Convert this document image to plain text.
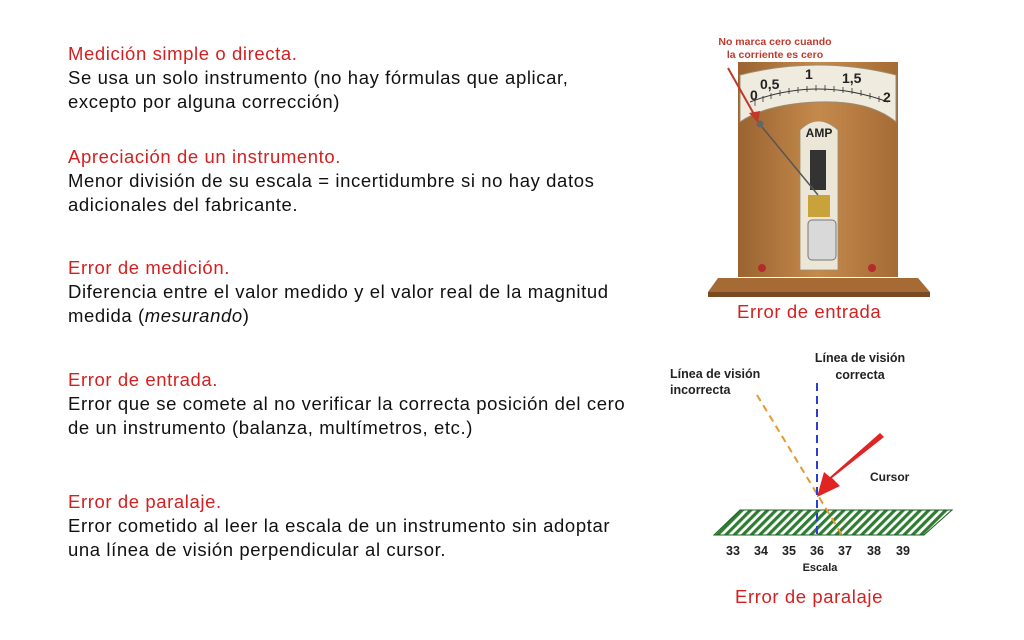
Medición simple o directa.
Se usa un solo instrumento (no hay fórmulas que aplicar, excepto por alguna corrección)
Apreciación de un instrumento.
Menor división de su escala = incertidumbre si no hay datos adicionales del fabricante.
Error de medición.
Diferencia entre el valor medido y el valor real de la magnitud medida (mesurando)
Error de entrada.
Error que se comete al no verificar la correcta posición del cero de un instrumento (balanza, multímetros, etc.)
Error de paralaje.
Error cometido al leer la escala de un instrumento sin adoptar una línea de visión perpendicular al cursor.
No marca cero cuando
la corriente es cero
0
0,5
1 1,5
2
AMP
Error de entrada
Línea de visión
incorrecta
Línea de visión
correcta
Cursor
33 34 35 36 37 38 39
Escala
Error de paralaje
